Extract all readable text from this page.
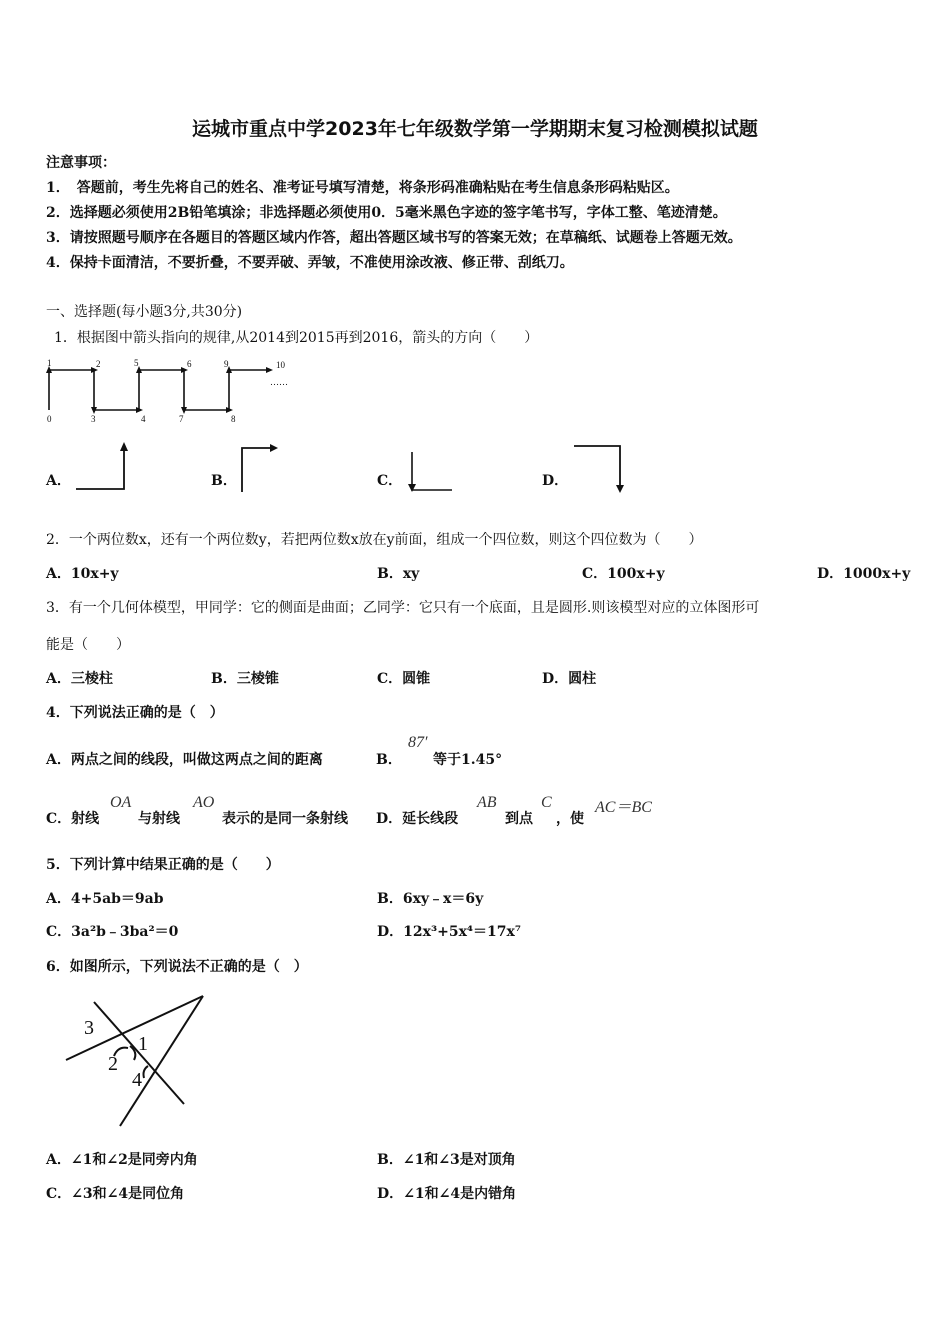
运城市重点中学2023年七年级数学第一学期期末复习检测模拟试题
注意事项：
1．　答题前，考生先将自己的姓名、准考证号填写清楚，将条形码准确粘贴在考生信息条形码粘贴区。
2．选择题必须使用2B铅笔填涂；非选择题必须使用0．5毫米黑色字迹的签字笔书写，字体工整、笔迹清楚。
3．请按照题号顺序在各题目的答题区域内作答，超出答题区域书写的答案无效；在草稿纸、试题卷上答题无效。
4．保持卡面清洁，不要折叠，不要弄破、弄皱，不准使用涂改液、修正带、刮纸刀。
一、选择题(每小题3分,共30分)
1．根据图中箭头指向的规律,从2014到2015再到2016，箭头的方向（　　）
0
1	2
3	4
5	6
7	8
9	10
……
A．	B．	C．	D．
2．一个两位数x，还有一个两位数y，若把两位数x放在y前面，组成一个四位数，则这个四位数为（　　）
A．10x+y	B．xy	C．100x+y	D．1000x+y
3．有一个几何体模型，甲同学：它的侧面是曲面；乙同学：它只有一个底面，且是圆形.则该模型对应的立体图形可
能是（　　）
A．三棱柱	B．三棱锥	C．圆锥	D．圆柱
4．下列说法正确的是（　）
A．两点之间的线段，叫做这两点之间的距离	B．
87′
等于1.45°
C．射线
OA
与射线
AO
表示的是同一条射线 D．延长线段
AB
到点
C
，使
AC＝BC
5．下列计算中结果正确的是（　　）
A．4+5ab＝9ab	B．6xy﹣x＝6y
C．3a²b﹣3ba²＝0	D．12x³+5x⁴＝17x⁷
6．如图所示，下列说法不正确的是（　）
3
1
2
4
A．∠1和∠2是同旁内角	B．∠1和∠3是对顶角
C．∠3和∠4是同位角	D．∠1和∠4是内错角
